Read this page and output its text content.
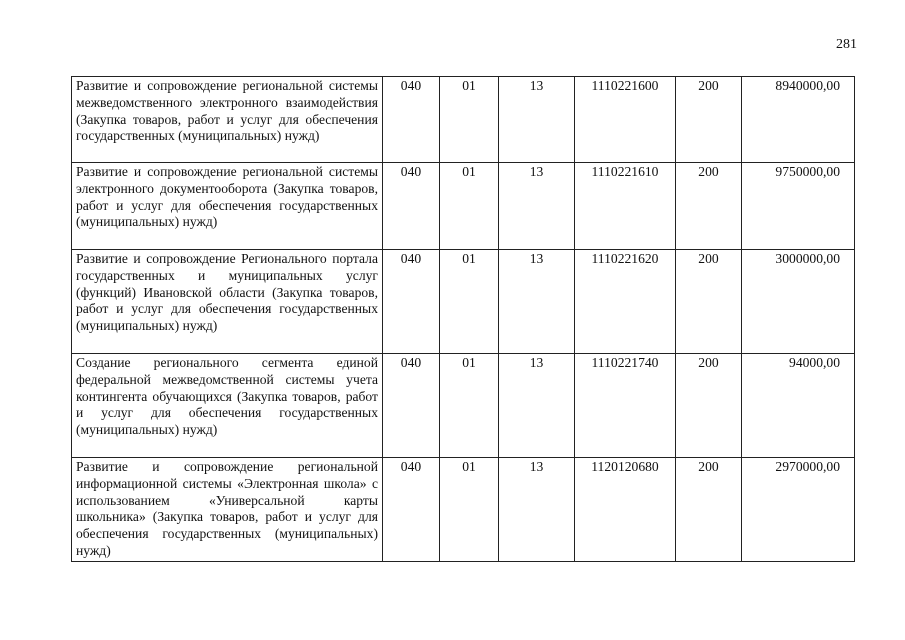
281
Развитие и сопровождение региональной системы межведомственного электронного взаимодействия (Закупка товаров, работ и услуг для обеспечения государственных (муниципальных) нужд)	040	01	13	1110221600	200	8940000,00
Развитие и сопровождение региональной системы электронного документооборота (Закупка товаров, работ и услуг для обеспечения государственных (муниципальных) нужд)	040	01	13	1110221610	200	9750000,00
Развитие и сопровождение Регионального портала государственных и муниципальных услуг (функций) Ивановской области (Закупка товаров, работ и услуг для обеспечения государственных (муниципальных) нужд)	040	01	13	1110221620	200	3000000,00
Создание регионального сегмента единой федеральной межведомственной системы учета контингента обучающихся (Закупка товаров, работ и услуг для обеспечения государственных (муниципальных) нужд)	040	01	13	1110221740	200	94000,00
Развитие и сопровождение региональной информационной системы «Электронная школа» с использованием «Универсальной карты школьника» (Закупка товаров, работ и услуг для обеспечения государственных (муниципальных) нужд)	040	01	13	1120120680	200	2970000,00
